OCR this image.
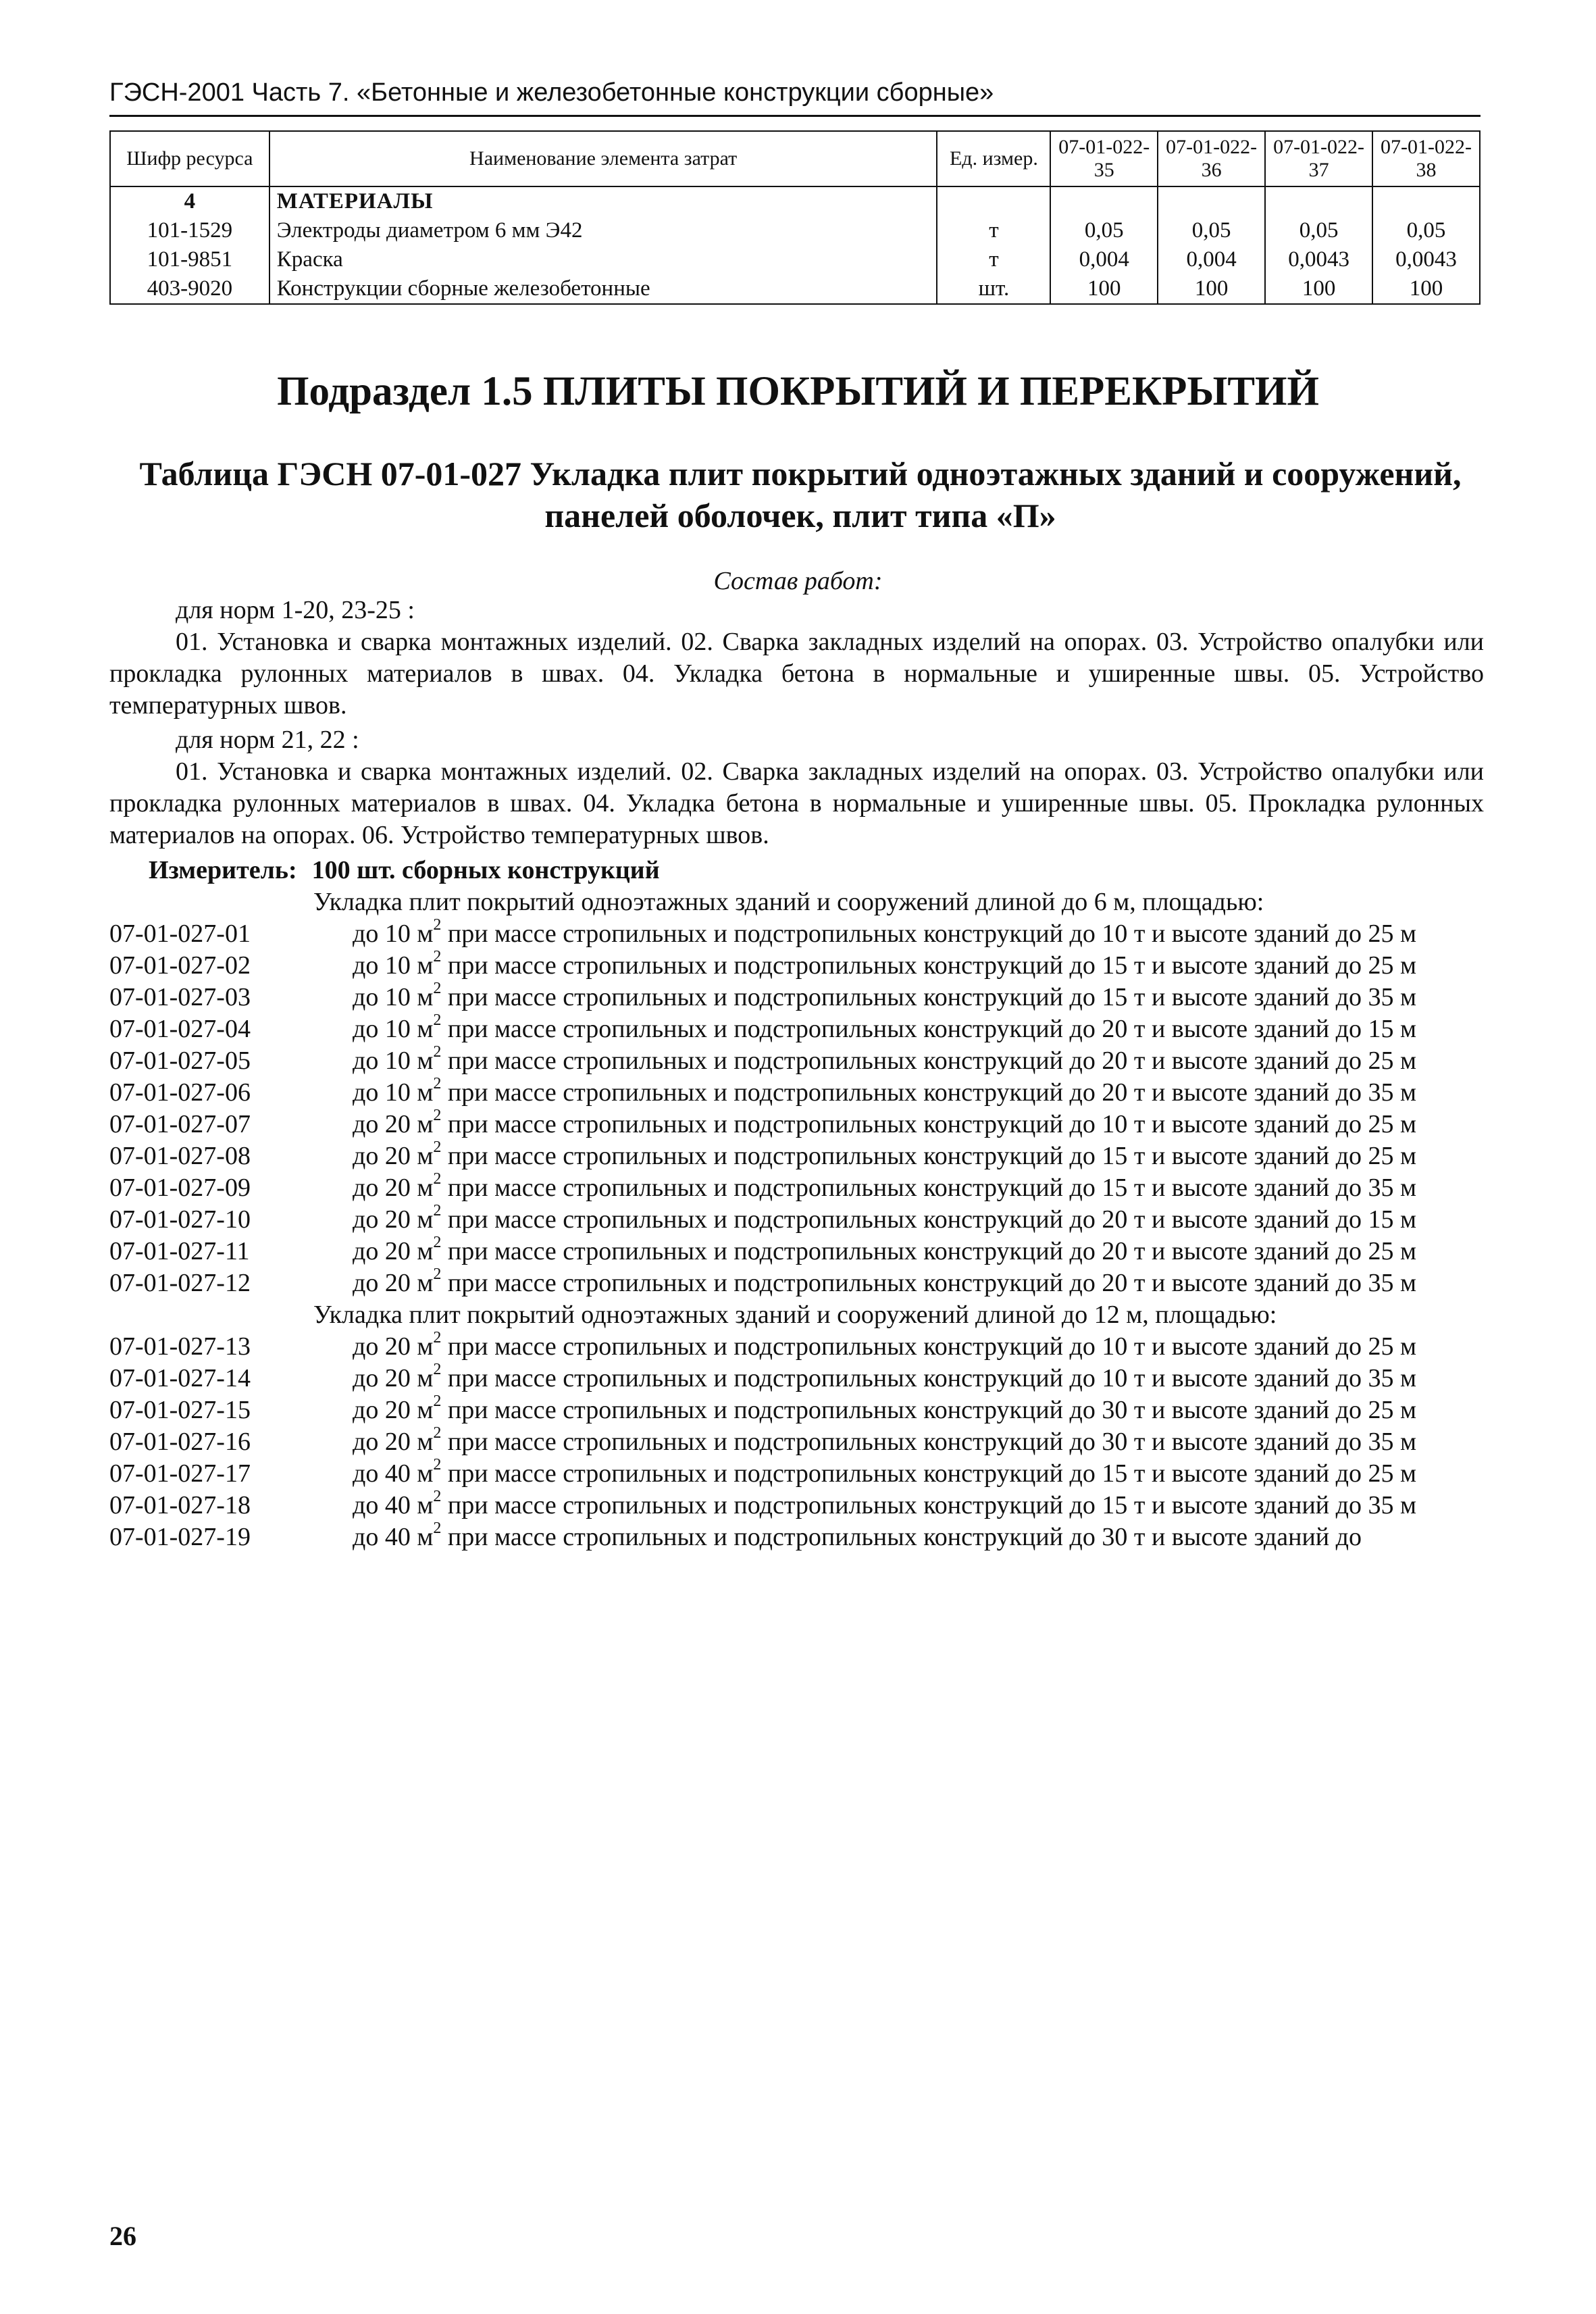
ГЭСН-2001 Часть 7. «Бетонные и железобетонные конструкции сборные»
Шифр ресурса	Наименование элемента затрат	Ед. измер.	07-01-022-35	07-01-022-36	07-01-022-37	07-01-022-38
4	МАТЕРИАЛЫ					
101-1529	Электроды диаметром 6 мм Э42	т	0,05	0,05	0,05	0,05
101-9851	Краска	т	0,004	0,004	0,0043	0,0043
403-9020	Конструкции сборные железобетонные	шт.	100	100	100	100
Подраздел 1.5 ПЛИТЫ ПОКРЫТИЙ И ПЕРЕКРЫТИЙ
Таблица ГЭСН 07-01-027 Укладка плит покрытий одноэтажных зданий и сооружений, панелей оболочек, плит типа «П»
Состав работ:
для норм 1-20, 23-25 :
01. Установка и сварка монтажных изделий. 02. Сварка закладных изделий на опорах. 03. Устройство опалубки или прокладка рулонных материалов в швах. 04. Укладка бетона в нормальные и уширенные швы. 05. Устройство температурных швов.
для норм 21, 22 :
01. Установка и сварка монтажных изделий. 02. Сварка закладных изделий на опорах. 03. Устройство опалубки или прокладка рулонных материалов в швах. 04. Укладка бетона в нормальные и уширенные швы. 05. Прокладка рулонных материалов на опорах. 06. Устройство температурных швов.
Измеритель: 100 шт. сборных конструкций
Укладка плит покрытий одноэтажных зданий и сооружений длиной до 6 м, площадью:
07-01-027-01	до 10 $м^2$ при массе стропильных и подстропильных конструкций до 10 т и высоте зданий до 25 м
07-01-027-02	до 10 $м^2$ при массе стропильных и подстропильных конструкций до 15 т и высоте зданий до 25 м
07-01-027-03	до 10 $м^2$ при массе стропильных и подстропильных конструкций до 15 т и высоте зданий до 35 м
07-01-027-04	до 10 $м^2$ при массе стропильных и подстропильных конструкций до 20 т и высоте зданий до 15 м
07-01-027-05	до 10 $м^2$ при массе стропильных и подстропильных конструкций до 20 т и высоте зданий до 25 м
07-01-027-06	до 10 $м^2$ при массе стропильных и подстропильных конструкций до 20 т и высоте зданий до 35 м
07-01-027-07	до 20 $м^2$ при массе стропильных и подстропильных конструкций до 10 т и высоте зданий до 25 м
07-01-027-08	до 20 $м^2$ при массе стропильных и подстропильных конструкций до 15 т и высоте зданий до 25 м
07-01-027-09	до 20 $м^2$ при массе стропильных и подстропильных конструкций до 15 т и высоте зданий до 35 м
07-01-027-10	до 20 $м^2$ при массе стропильных и подстропильных конструкций до 20 т и высоте зданий до 15 м
07-01-027-11	до 20 $м^2$ при массе стропильных и подстропильных конструкций до 20 т и высоте зданий до 25 м
07-01-027-12	до 20 $м^2$ при массе стропильных и подстропильных конструкций до 20 т и высоте зданий до 35 м
Укладка плит покрытий одноэтажных зданий и сооружений длиной до 12 м, площадью:
07-01-027-13	до 20 $м^2$ при массе стропильных и подстропильных конструкций до 10 т и высоте зданий до 25 м
07-01-027-14	до 20 $м^2$ при массе стропильных и подстропильных конструкций до 10 т и высоте зданий до 35 м
07-01-027-15	до 20 $м^2$ при массе стропильных и подстропильных конструкций до 30 т и высоте зданий до 25 м
07-01-027-16	до 20 $м^2$ при массе стропильных и подстропильных конструкций до 30 т и высоте зданий до 35 м
07-01-027-17	до 40 $м^2$ при массе стропильных и подстропильных конструкций до 15 т и высоте зданий до 25 м
07-01-027-18	до 40 $м^2$ при массе стропильных и подстропильных конструкций до 15 т и высоте зданий до 35 м
07-01-027-19	до 40 $м^2$ при массе стропильных и подстропильных конструкций до 30 т и высоте зданий до
26
